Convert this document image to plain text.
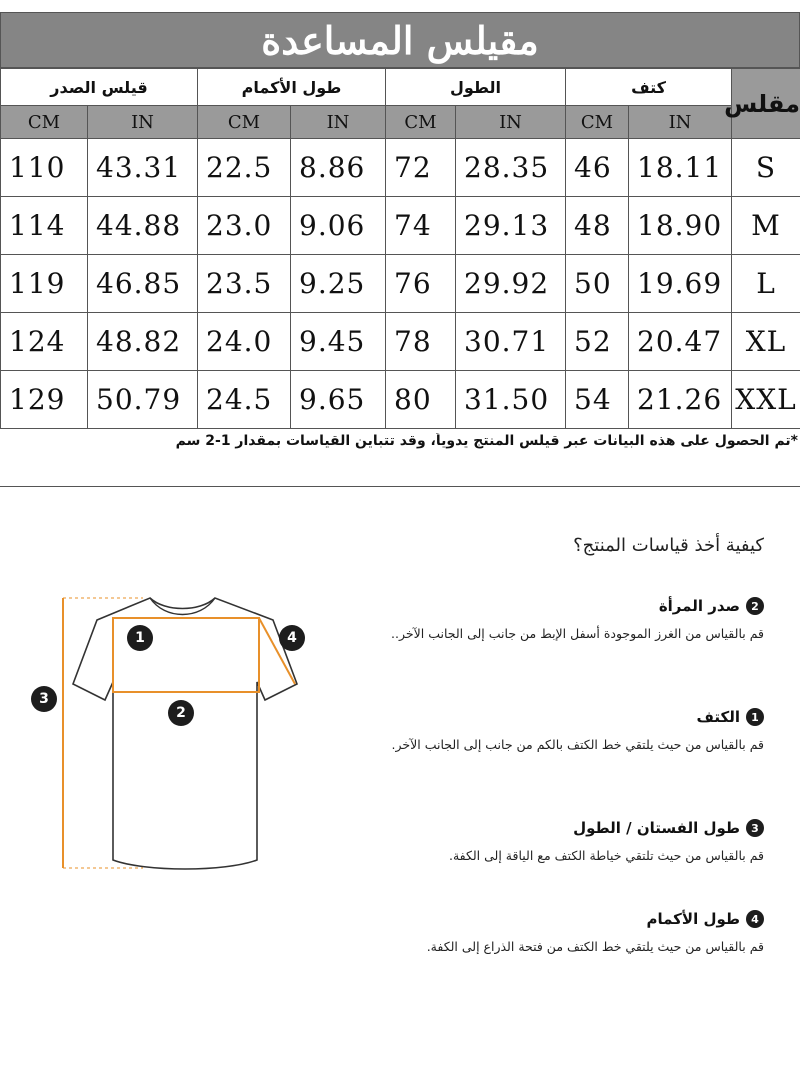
مقيلس المساعدة
قيلس الصدر		طول الأكمام		الطول		كتف		مقلس
CM	IN	CM	IN	CM	IN	CM	IN	
110	43.31	22.5	8.86	72	28.35	46	18.11	S
114	44.88	23.0	9.06	74	29.13	48	18.90	M
119	46.85	23.5	9.25	76	29.92	50	19.69	L
124	48.82	24.0	9.45	78	30.71	52	20.47	XL
129	50.79	24.5	9.65	80	31.50	54	21.26	XXL
*تم الحصول على هذه البيانات عبر قيلس المنتج يدوياً، وقد تتباين القياسات بمقدار 1-2 سم
كيفية أخذ قياسات المنتج؟
1
2
3
4
2
صدر المرأة
قم بالقياس من الغرز الموجودة أسفل الإبط من جانب إلى الجانب الآخر..
1
الكتف
قم بالقياس من حيث يلتقي خط الكتف بالكم من جانب إلى الجانب الآخر.
3
طول الفستان / الطول
قم بالقياس من حيث تلتقي خياطة الكتف مع الياقة إلى الكفة.
4
طول الأكمام
قم بالقياس من حيث يلتقي خط الكتف من فتحة الذراع إلى الكفة.
